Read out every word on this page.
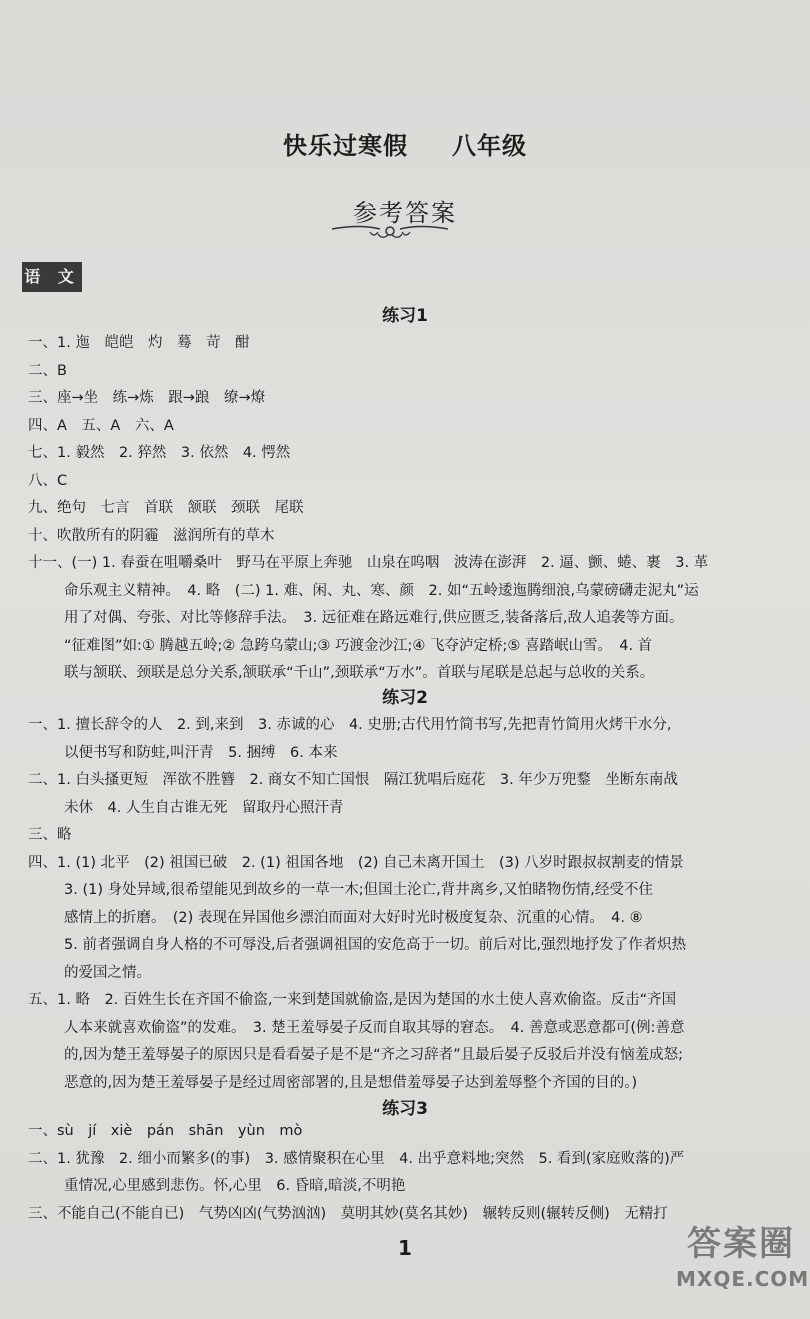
快乐过寒假 八年级
参考答案
语 文
练习1
一、1. 迤　皑皑　灼　蓦　苛　酣
二、B
三、座→坐　练→炼　跟→踉　缭→燎
四、A　五、A　六、A
七、1. 毅然　2. 猝然　3. 依然　4. 愕然
八、C
九、绝句　七言　首联　颔联　颈联　尾联
十、吹散所有的阴霾　滋润所有的草木
十一、(一) 1. 春蚕在咀嚼桑叶　野马在平原上奔驰　山泉在呜咽　波涛在澎湃　2. 逼、颤、蜷、裹　3. 革
命乐观主义精神。　4. 略　(二) 1. 难、闲、丸、寒、颜　2. 如“五岭逶迤腾细浪,乌蒙磅礴走泥丸”运
用了对偶、夸张、对比等修辞手法。　3. 远征难在路远难行,供应匮乏,装备落后,敌人追袭等方面。
“征难图”如:① 腾越五岭;② 急跨乌蒙山;③ 巧渡金沙江;④ 飞夺泸定桥;⑤ 喜踏岷山雪。　4. 首
联与颔联、颈联是总分关系,颔联承“千山”,颈联承“万水”。首联与尾联是总起与总收的关系。
练习2
一、1. 擅长辞令的人　2. 到,来到　3. 赤诚的心　4. 史册;古代用竹简书写,先把青竹简用火烤干水分,
以便书写和防蛀,叫汗青　5. 捆缚　6. 本来
二、1. 白头搔更短　浑欲不胜簪　2. 商女不知亡国恨　隔江犹唱后庭花　3. 年少万兜鍪　坐断东南战
未休　4. 人生自古谁无死　留取丹心照汗青
三、略
四、1. (1) 北平　(2) 祖国已破　2. (1) 祖国各地　(2) 自己未离开国土　(3) 八岁时跟叔叔割麦的情景
3. (1) 身处异域,很希望能见到故乡的一草一木;但国土沦亡,背井离乡,又怕睹物伤情,经受不住
感情上的折磨。　(2) 表现在异国他乡漂泊而面对大好时光时极度复杂、沉重的心情。　4. ⑧
5. 前者强调自身人格的不可辱没,后者强调祖国的安危高于一切。前后对比,强烈地抒发了作者炽热
的爱国之情。
五、1. 略　2. 百姓生长在齐国不偷盗,一来到楚国就偷盗,是因为楚国的水土使人喜欢偷盗。反击“齐国
人本来就喜欢偷盗”的发难。　3. 楚王羞辱晏子反而自取其辱的窘态。　4. 善意或恶意都可(例:善意
的,因为楚王羞辱晏子的原因只是看看晏子是不是“齐之习辞者”且最后晏子反驳后并没有恼羞成怒;
恶意的,因为楚王羞辱晏子是经过周密部署的,且是想借羞辱晏子达到羞辱整个齐国的目的。)
练习3
一、sù　jí　xiè　pán　shān　yùn　mò
二、1. 犹豫　2. 细小而繁多(的事)　3. 感情聚积在心里　4. 出乎意料地;突然　5. 看到(家庭败落的)严
重情况,心里感到悲伤。怀,心里　6. 昏暗,暗淡,不明艳
三、不能自己(不能自已)　气势凶凶(气势汹汹)　莫明其妙(莫名其妙)　辗转反则(辗转反侧)　无精打
1	答案圈
MXQE.COM
